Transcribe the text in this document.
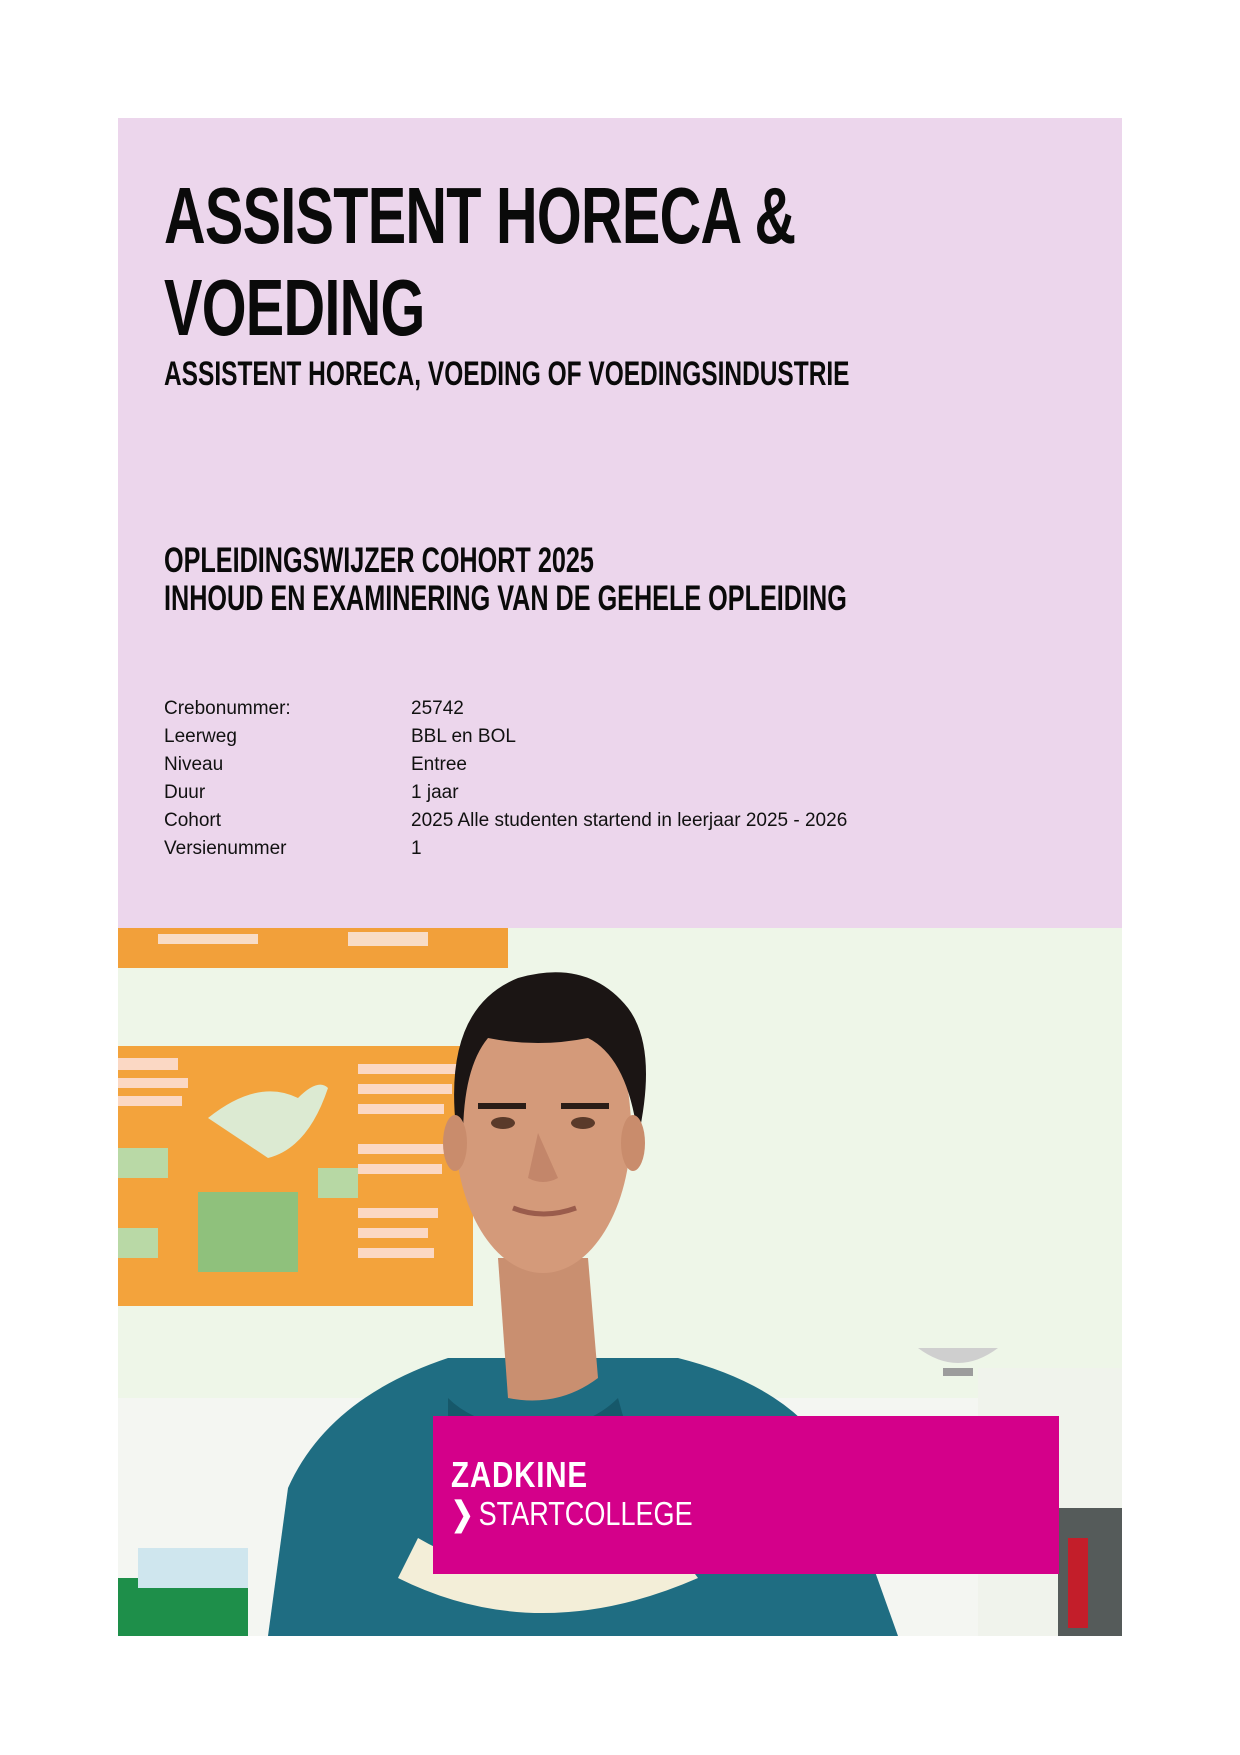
ASSISTENT HORECA &
VOEDING
ASSISTENT HORECA, VOEDING OF VOEDINGSINDUSTRIE
OPLEIDINGSWIJZER COHORT 2025
INHOUD EN EXAMINERING VAN DE GEHELE OPLEIDING
Crebonummer:	25742
Leerweg	BBL en BOL
Niveau	Entree
Duur	1 jaar
Cohort	2025 Alle studenten startend in leerjaar 2025 - 2026
Versienummer	1
ZADKINE
❯ STARTCOLLEGE
